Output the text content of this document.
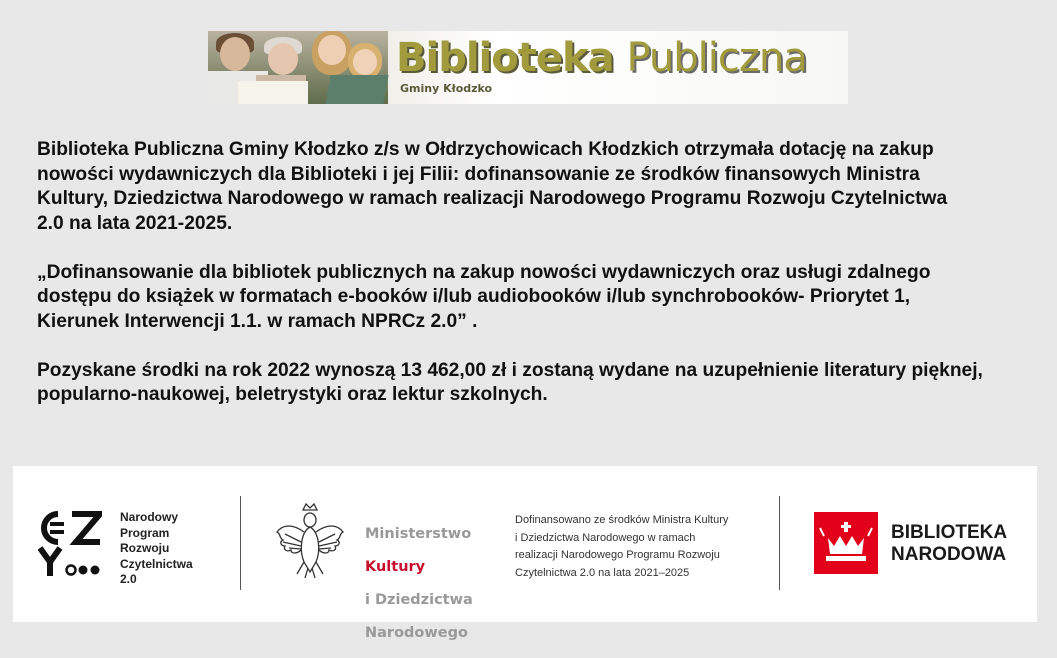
Biblioteka Publiczna
Gminy Kłodzko

Biblioteka Publiczna Gminy Kłodzko z/s w Ołdrzychowicach Kłodzkich otrzymała dotację na zakup
nowości wydawniczych dla Biblioteki i jej Filii: dofinansowanie ze środków finansowych Ministra
Kultury, Dziedzictwa Narodowego w ramach realizacji Narodowego Programu Rozwoju Czytelnictwa
2.0 na lata 2021-2025.

„Dofinansowanie dla bibliotek publicznych na zakup nowości wydawniczych oraz usługi zdalnego
dostępu do książek w formatach e-booków i/lub audiobooków i/lub synchrobooków- Priorytet 1,
Kierunek Interwencji 1.1. w ramach NPRCz 2.0” .

Pozyskane środki na rok 2022 wynoszą 13 462,00 zł i zostaną wydane na uzupełnienie literatury pięknej,
popularno-naukowej, beletrystyki oraz lektur szkolnych.

Narodowy
Program
Rozwoju
Czytelnictwa
2.0

Ministerstwo

Kultury

i Dziedzictwa

Narodowego

Dofinansowano ze środków Ministra Kultury
i Dziedzictwa Narodowego w ramach
realizacji Narodowego Programu Rozwoju
Czytelnictwa 2.0 na lata 2021–2025
BIBLIOTEKA
NARODOWA
